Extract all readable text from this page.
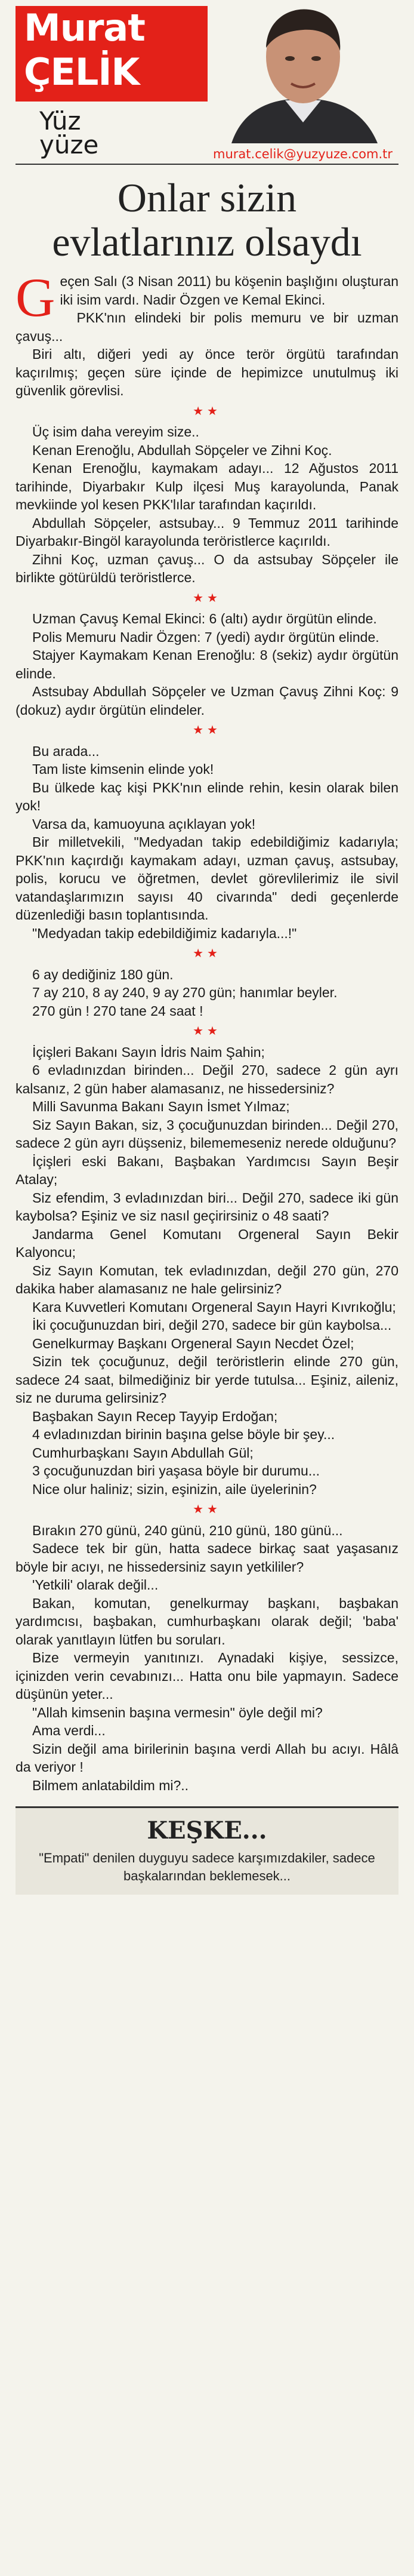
Murat
ÇELİK
Yüz
yüze	murat.celik@yuzyuze.com.tr
Onlar sizin
evlatlarınız olsaydı
G eçen Salı (3 Nisan 2011) bu köşenin başlığını oluşturan iki isim vardı. Nadir Özgen ve Kemal Ekinci.

PKK'nın elindeki bir polis memuru ve bir uzman çavuş...

Biri altı, diğeri yedi ay önce terör örgütü tarafından kaçırılmış; geçen süre içinde de hepimizce unutulmuş iki güvenlik görevlisi.

★★

Üç isim daha vereyim size..

Kenan Erenoğlu, Abdullah Söpçeler ve Zihni Koç.

Kenan Erenoğlu, kaymakam adayı... 12 Ağustos 2011 tarihinde, Diyarbakır Kulp ilçesi Muş karayolunda, Panak mevkiinde yol kesen PKK'lılar tarafından kaçırıldı.

Abdullah Söpçeler, astsubay... 9 Temmuz 2011 tarihinde Diyarbakır-Bingöl karayolunda teröristlerce kaçırıldı.

Zihni Koç, uzman çavuş... O da astsubay Söpçeler ile birlikte götürüldü teröristlerce.

★★

Uzman Çavuş Kemal Ekinci: 6 (altı) aydır örgütün elinde.

Polis Memuru Nadir Özgen: 7 (yedi) aydır örgütün elinde.

Stajyer Kaymakam Kenan Erenoğlu: 8 (sekiz) aydır örgütün elinde.

Astsubay Abdullah Söpçeler ve Uzman Çavuş Zihni Koç: 9 (dokuz) aydır örgütün elindeler.

★★

Bu arada...

Tam liste kimsenin elinde yok!

Bu ülkede kaç kişi PKK'nın elinde rehin, kesin olarak bilen yok!

Varsa da, kamuoyuna açıklayan yok!

Bir milletvekili, "Medyadan takip edebildiğimiz kadarıyla; PKK'nın kaçırdığı kaymakam adayı, uzman çavuş, astsubay, polis, korucu ve öğretmen, devlet görevlilerimiz ile sivil vatandaşlarımızın sayısı 40 civarında" dedi geçenlerde düzenlediği basın toplantısında.

"Medyadan takip edebildiğimiz kadarıyla...!"

★★

6 ay dediğiniz 180 gün.

7 ay 210, 8 ay 240, 9 ay 270 gün; hanımlar beyler.

270 gün ! 270 tane 24 saat !

★★

İçişleri Bakanı Sayın İdris Naim Şahin;

6 evladınızdan birinden... Değil 270, sadece 2 gün ayrı kalsanız, 2 gün haber alamasanız, ne hissedersiniz?

Milli Savunma Bakanı Sayın İsmet Yılmaz;

Siz Sayın Bakan, siz, 3 çocuğunuzdan birinden... Değil 270, sadece 2 gün ayrı düşseniz, bilememeseniz nerede olduğunu?

İçişleri eski Bakanı, Başbakan Yardımcısı Sayın Beşir Atalay;

Siz efendim, 3 evladınızdan biri... Değil 270, sadece iki gün kaybolsa? Eşiniz ve siz nasıl geçirirsiniz o 48 saati?

Jandarma Genel Komutanı Orgeneral Sayın Bekir Kalyoncu;

Siz Sayın Komutan, tek evladınızdan, değil 270 gün, 270 dakika haber alamasanız ne hale gelirsiniz?

Kara Kuvvetleri Komutanı Orgeneral Sayın Hayri Kıvrıkoğlu;

İki çocuğunuzdan biri, değil 270, sadece bir gün kaybolsa...

Genelkurmay Başkanı Orgeneral Sayın Necdet Özel;

Sizin tek çocuğunuz, değil teröristlerin elinde 270 gün, sadece 24 saat, bilmediğiniz bir yerde tutulsa... Eşiniz, aileniz, siz ne duruma gelirsiniz?

Başbakan Sayın Recep Tayyip Erdoğan;

4 evladınızdan birinin başına gelse böyle bir şey...

Cumhurbaşkanı Sayın Abdullah Gül;

3 çocuğunuzdan biri yaşasa böyle bir durumu...

Nice olur haliniz; sizin, eşinizin, aile üyelerinin?

★★

Bırakın 270 günü, 240 günü, 210 günü, 180 günü...

Sadece tek bir gün, hatta sadece birkaç saat yaşasanız böyle bir acıyı, ne hissedersiniz sayın yetkililer?

'Yetkili' olarak değil...

Bakan, komutan, genelkurmay başkanı, başbakan yardımcısı, başbakan, cumhurbaşkanı olarak değil; 'baba' olarak yanıtlayın lütfen bu soruları.

Bize vermeyin yanıtınızı. Aynadaki kişiye, sessizce, içinizden verin cevabınızı... Hatta onu bile yapmayın. Sadece düşünün yeter...

"Allah kimsenin başına vermesin" öyle değil mi?

Ama verdi...

Sizin değil ama birilerinin başına verdi Allah bu acıyı. Hâlâ da veriyor !

Bilmem anlatabildim mi?..

KEŞKE...
"Empati" denilen duyguyu sadece karşımızdakiler, sadece başkalarından beklemesek...
